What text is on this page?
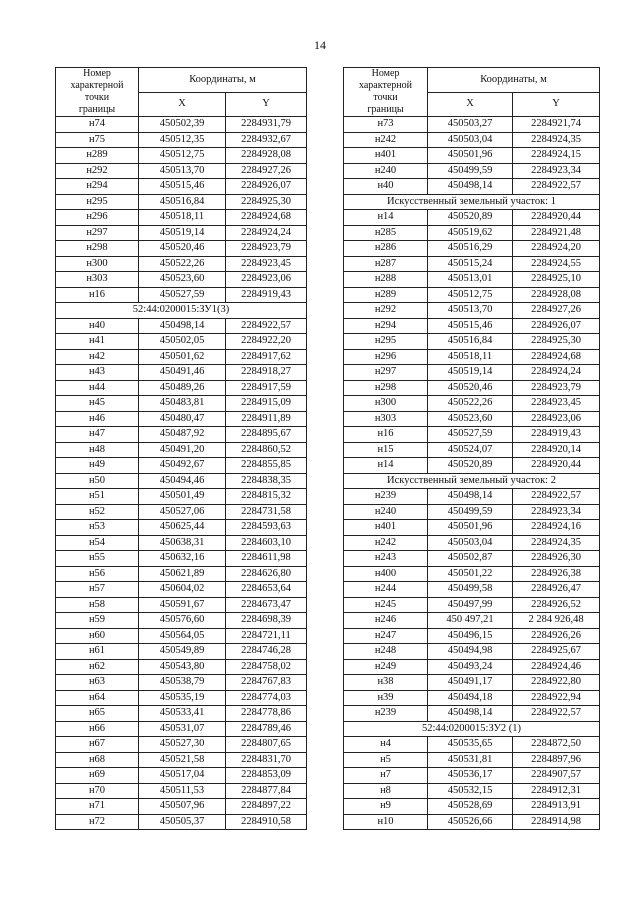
14
Номер
характерной
точки
границы	Координаты, м	
	X	Y
н74	450502,39	2284931,79
н75	450512,35	2284932,67
н289	450512,75	2284928,08
н292	450513,70	2284927,26
н294	450515,46	2284926,07
н295	450516,84	2284925,30
н296	450518,11	2284924,68
н297	450519,14	2284924,24
н298	450520,46	2284923,79
н300	450522,26	2284923,45
н303	450523,60	2284923,06
н16	450527,59	2284919,43
52:44:0200015:ЗУ1(3)		
н40	450498,14	2284922,57
н41	450502,05	2284922,20
н42	450501,62	2284917,62
н43	450491,46	2284918,27
н44	450489,26	2284917,59
н45	450483,81	2284915,09
н46	450480,47	2284911,89
н47	450487,92	2284895,67
н48	450491,20	2284860,52
н49	450492,67	2284855,85
н50	450494,46	2284838,35
н51	450501,49	2284815,32
н52	450527,06	2284731,58
н53	450625,44	2284593,63
н54	450638,31	2284603,10
н55	450632,16	2284611,98
н56	450621,89	2284626,80
н57	450604,02	2284653,64
н58	450591,67	2284673,47
н59	450576,60	2284698,39
н60	450564,05	2284721,11
н61	450549,89	2284746,28
н62	450543,80	2284758,02
н63	450538,79	2284767,83
н64	450535,19	2284774,03
н65	450533,41	2284778,86
н66	450531,07	2284789,46
н67	450527,30	2284807,65
н68	450521,58	2284831,70
н69	450517,04	2284853,09
н70	450511,53	2284877,84
н71	450507,96	2284897,22
н72	450505,37	2284910,58
Номер
характерной
точки
границы	Координаты, м	
	X	Y
н73	450503,27	2284921,74
н242	450503,04	2284924,35
н401	450501,96	2284924,15
н240	450499,59	2284923,34
н40	450498,14	2284922,57
Искусственный земельный участок: 1		
н14	450520,89	2284920,44
н285	450519,62	2284921,48
н286	450516,29	2284924,20
н287	450515,24	2284924,55
н288	450513,01	2284925,10
н289	450512,75	2284928,08
н292	450513,70	2284927,26
н294	450515,46	2284926,07
н295	450516,84	2284925,30
н296	450518,11	2284924,68
н297	450519,14	2284924,24
н298	450520,46	2284923,79
н300	450522,26	2284923,45
н303	450523,60	2284923,06
н16	450527,59	2284919,43
н15	450524,07	2284920,14
н14	450520,89	2284920,44
Искусственный земельный участок: 2		
н239	450498,14	2284922,57
н240	450499,59	2284923,34
н401	450501,96	2284924,16
н242	450503,04	2284924,35
н243	450502,87	2284926,30
н400	450501,22	2284926,38
н244	450499,58	2284926,47
н245	450497,99	2284926,52
н246	450 497,21	2 284 926,48
н247	450496,15	2284926,26
н248	450494,98	2284925,67
н249	450493,24	2284924,46
н38	450491,17	2284922,80
н39	450494,18	2284922,94
н239	450498,14	2284922,57
52:44:0200015:ЗУ2 (1)		
н4	450535,65	2284872,50
н5	450531,81	2284897,96
н7	450536,17	2284907,57
н8	450532,15	2284912,31
н9	450528,69	2284913,91
н10	450526,66	2284914,98
